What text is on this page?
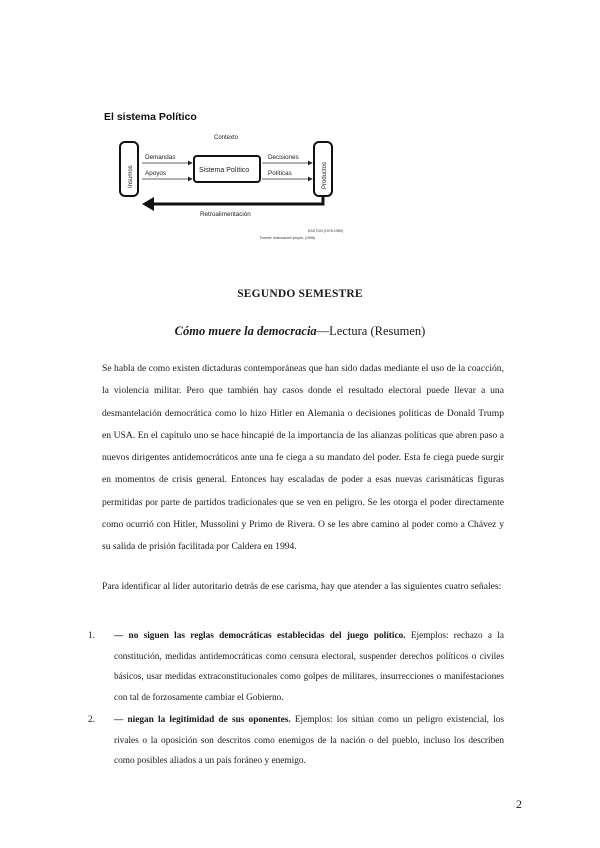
El sistema Político
Contexto
Insumos
Demandas
Apoyos	Sistema Político
Decisiones
Políticas	Productos
Retroalimentación
EASTON (1976:1989)
Fuente: elaboración propia, (1996)
SEGUNDO SEMESTRE
Cómo muere la democracia—Lectura (Resumen)
Se habla de como existen dictaduras contemporáneas que han sido dadas mediante el uso de la coacción, la violencia militar. Pero que también hay casos donde el resultado electoral puede llevar a una desmantelación democrática como lo hizo Hitler en Alemania o decisiones políticas de Donald Trump en USA. En el capítulo uno se hace hincapié de la importancia de las alianzas políticas que abren paso a nuevos dirigentes antidemocráticos ante una fe ciega a su mandato del poder. Esta fe ciega puede surgir en momentos de crisis general. Entonces hay escaladas de poder a esas nuevas carismáticas figuras permitidas por parte de partidos tradicionales que se ven en peligro. Se les otorga el poder directamente como ocurrió con Hitler, Mussolini y Primo de Rivera. O se les abre camino al poder como a Chávez y su salida de prisión facilitada por Caldera en 1994.
Para identificar al líder autoritario detrás de ese carisma, hay que atender a las siguientes cuatro señales:
1.	— no siguen las reglas democráticas establecidas del juego político. Ejemplos: rechazo a la constitución, medidas antidemocráticas como censura electoral, suspender derechos políticos o civiles básicos, usar medidas extraconstitucionales como golpes de militares, insurrecciones o manifestaciones con tal de forzosamente cambiar el Gobierno.
2.	— niegan la legitimidad de sus oponentes. Ejemplos: los sitúan como un peligro existencial, los rivales o la oposición son descritos como enemigos de la nación o del pueblo, incluso los describen como posibles aliados a un país foráneo y enemigo.
2
